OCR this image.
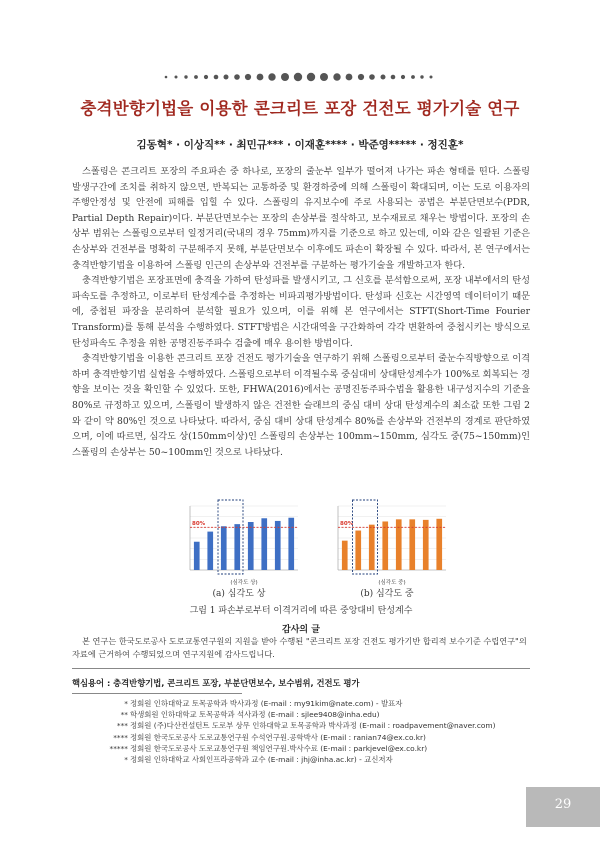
충격반향기법을 이용한 콘크리트 포장 건전도 평가기술 연구
김동혁* · 이상직** · 최민규*** · 이재훈**** · 박준영***** · 정진훈*

스폴링은 콘크리트 포장의 주요파손 중 하나로, 포장의 줄눈부 일부가 떨어져 나가는 파손 형태를 띤다. 스폴링 발생구간에 조치를 취하지 않으면, 반복되는 교통하중 및 환경하중에 의해 스폴링이 확대되며, 이는 도로 이용자의 주행안정성 및 안전에 피해를 입힐 수 있다. 스폴링의 유지보수에 주로 사용되는 공법은 부분단면보수(PDR, Partial Depth Repair)이다. 부분단면보수는 포장의 손상부를 절삭하고, 보수재료로 채우는 방법이다. 포장의 손상부 범위는 스폴링으로부터 일정거리(국내의 경우 75mm)까지를 기준으로 하고 있는데, 이와 같은 일괄된 기준은 손상부와 건전부를 명확히 구분해주지 못해, 부분단면보수 이후에도 파손이 확장될 수 있다. 따라서, 본 연구에서는 충격반향기법을 이용하여 스폴링 인근의 손상부와 건전부를 구분하는 평가기술을 개발하고자 한다.

충격반향기법은 포장표면에 충격을 가하여 탄성파를 발생시키고, 그 신호를 분석함으로써, 포장 내부에서의 탄성파속도를 추정하고, 이로부터 탄성계수를 추정하는 비파괴평가방법이다. 탄성파 신호는 시간영역 데이터이기 때문에, 중첩된 파장을 분리하여 분석할 필요가 있으며, 이를 위해 본 연구에서는 STFT(Short-Time Fourier Transform)를 통해 분석을 수행하였다. STFT방법은 시간대역을 구간화하여 각각 변환하여 중첩시키는 방식으로 탄성파속도 추정을 위한 공명진동주파수 검출에 매우 용이한 방법이다.

충격반향기법을 이용한 콘크리트 포장 건전도 평가기술을 연구하기 위해 스폴링으로부터 줄눈수직방향으로 이격하며 충격반향기법 실험을 수행하였다. 스폴링으로부터 이격될수록 중심대비 상대탄성계수가 100%로 회복되는 경향을 보이는 것을 확인할 수 있었다. 또한, FHWA(2016)에서는 공명진동주파수법을 활용한 내구성지수의 기준을 80%로 규정하고 있으며, 스폴링이 발생하지 않은 건전한 슬래브의 중심 대비 상대 탄성계수의 최소값 또한 그림 2와 같이 약 80%인 것으로 나타났다. 따라서, 중심 대비 상대 탄성계수 80%를 손상부와 건전부의 경계로 판단하였으며, 이에 따르면, 심각도 상(150mm이상)인 스폴링의 손상부는 100mm~150mm, 심각도 중(75~150mm)인 스폴링의 손상부는 50~100mm인 것으로 나타났다.

80%
(심각도 상)
80%
(심각도 중)
(a) 심각도 상	(b) 심각도 중
그림 1 파손부로부터 이격거리에 따른 중앙대비 탄성계수
감사의 글
본 연구는 한국도로공사 도로교통연구원의 지원을 받아 수행된 "콘크리트 포장 건전도 평가기반 합리적 보수기준 수립연구"의 자료에 근거하여 수행되었으며 연구지원에 감사드립니다.
핵심용어 : 충격반향기법, 콘크리트 포장, 부분단면보수, 보수범위, 건전도 평가
* 정회원 인하대학교 토목공학과 박사과정 (E-mail : my91kim@nate.com) - 발표자
** 학생회원 인하대학교 토목공학과 석사과정 (E-mail : sjlee9408@inha.edu)
*** 정회원 (주)다산컨설턴트 도로부 상무 인하대학교 토목공학과 박사과정 (E-mail : roadpavement@naver.com)
**** 정회원 한국도로공사 도로교통연구원 수석연구원.공학박사 (E-mail : ranian74@ex.co.kr)
***** 정회원 한국도로공사 도로교통연구원 책임연구원.박사수료 (E-mail : parkjevel@ex.co.kr)
* 정회원 인하대학교 사회인프라공학과 교수 (E-mail : jhj@inha.ac.kr) - 교신저자
29
